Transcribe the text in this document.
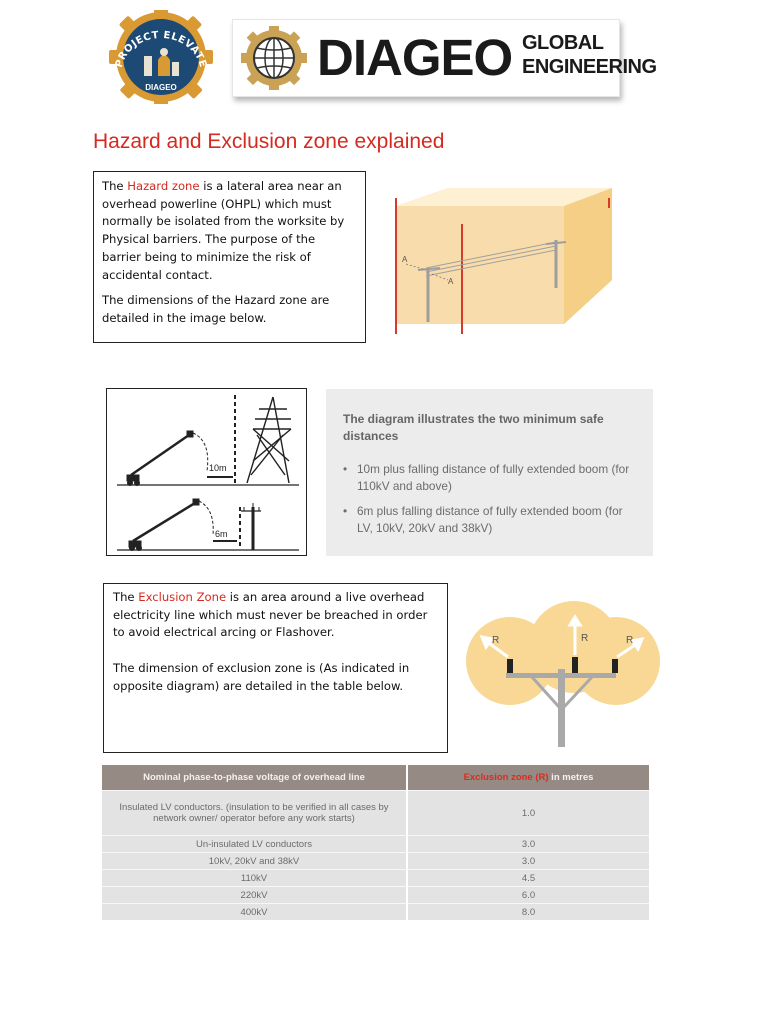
PROJECT ELEVATE
DIAGEO
DIAGEO GLOBAL
ENGINEERING
Hazard and Exclusion zone explained

The Hazard zone is a lateral area near an overhead powerline (OHPL) which must normally be isolated from the worksite by Physical barriers. The purpose of the barrier being to minimize the risk of accidental contact.

The dimensions of the Hazard zone are detailed in the image below.

A
A
10m
6m
The diagram illustrates the two minimum safe distances
• 10m plus falling distance of fully extended boom (for 110kV and above)
• 6m plus falling distance of fully extended boom (for LV, 10kV, 20kV and 38kV)

The Exclusion Zone is an area around a live overhead electricity line which must never be breached in order to avoid electrical arcing or Flashover.

The dimension of exclusion zone is (As indicated in opposite diagram) are detailed in the table below.

R	R	R
Nominal phase-to-phase voltage of overhead line	Exclusion zone (R) in metres
Insulated LV conductors. (insulation to be verified in all cases by network owner/ operator before any work starts)	1.0
Un-insulated LV conductors	3.0
10kV, 20kV and 38kV	3.0
110kV	4.5
220kV	6.0
400kV	8.0
